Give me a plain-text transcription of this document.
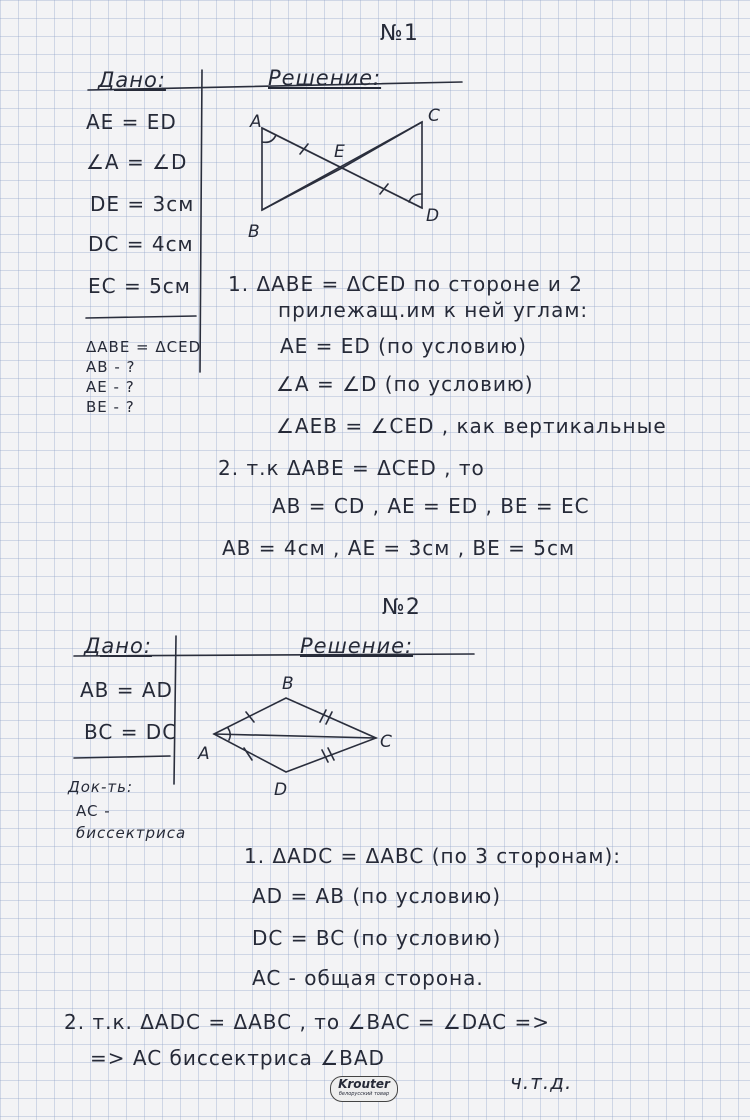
№1
Дано:	Решение:
AE = ED
∠A = ∠D
DE = 3см
DC = 4см
EC = 5см
ΔABE = ΔCED
AB - ?
AE - ?
BE - ?
A
B
C
D
E
1. ΔABE = ΔCED по стороне и 2
прилежащ.им к ней углам:
AE = ED (по условию)
∠A = ∠D (по условию)
∠AEB = ∠CED , как вертикальные
2. т.к ΔABE = ΔCED , то
AB = CD , AE = ED , BE = EC
AB = 4см , AE = 3см , BE = 5см
№2
Дано:	Решение:
AB = AD
BC = DC
Док-ть:
AC -
биссектриса
A
B
C
D
1. ΔADC = ΔABC (по 3 сторонам):
AD = AB (по условию)
DC = BC (по условию)
AC - общая сторона.
2. т.к. ΔADC = ΔABC , то ∠BAC = ∠DAC =>
=> AC биссектриса ∠BAD
ч.т.д.
Krouter
белорусский товар
